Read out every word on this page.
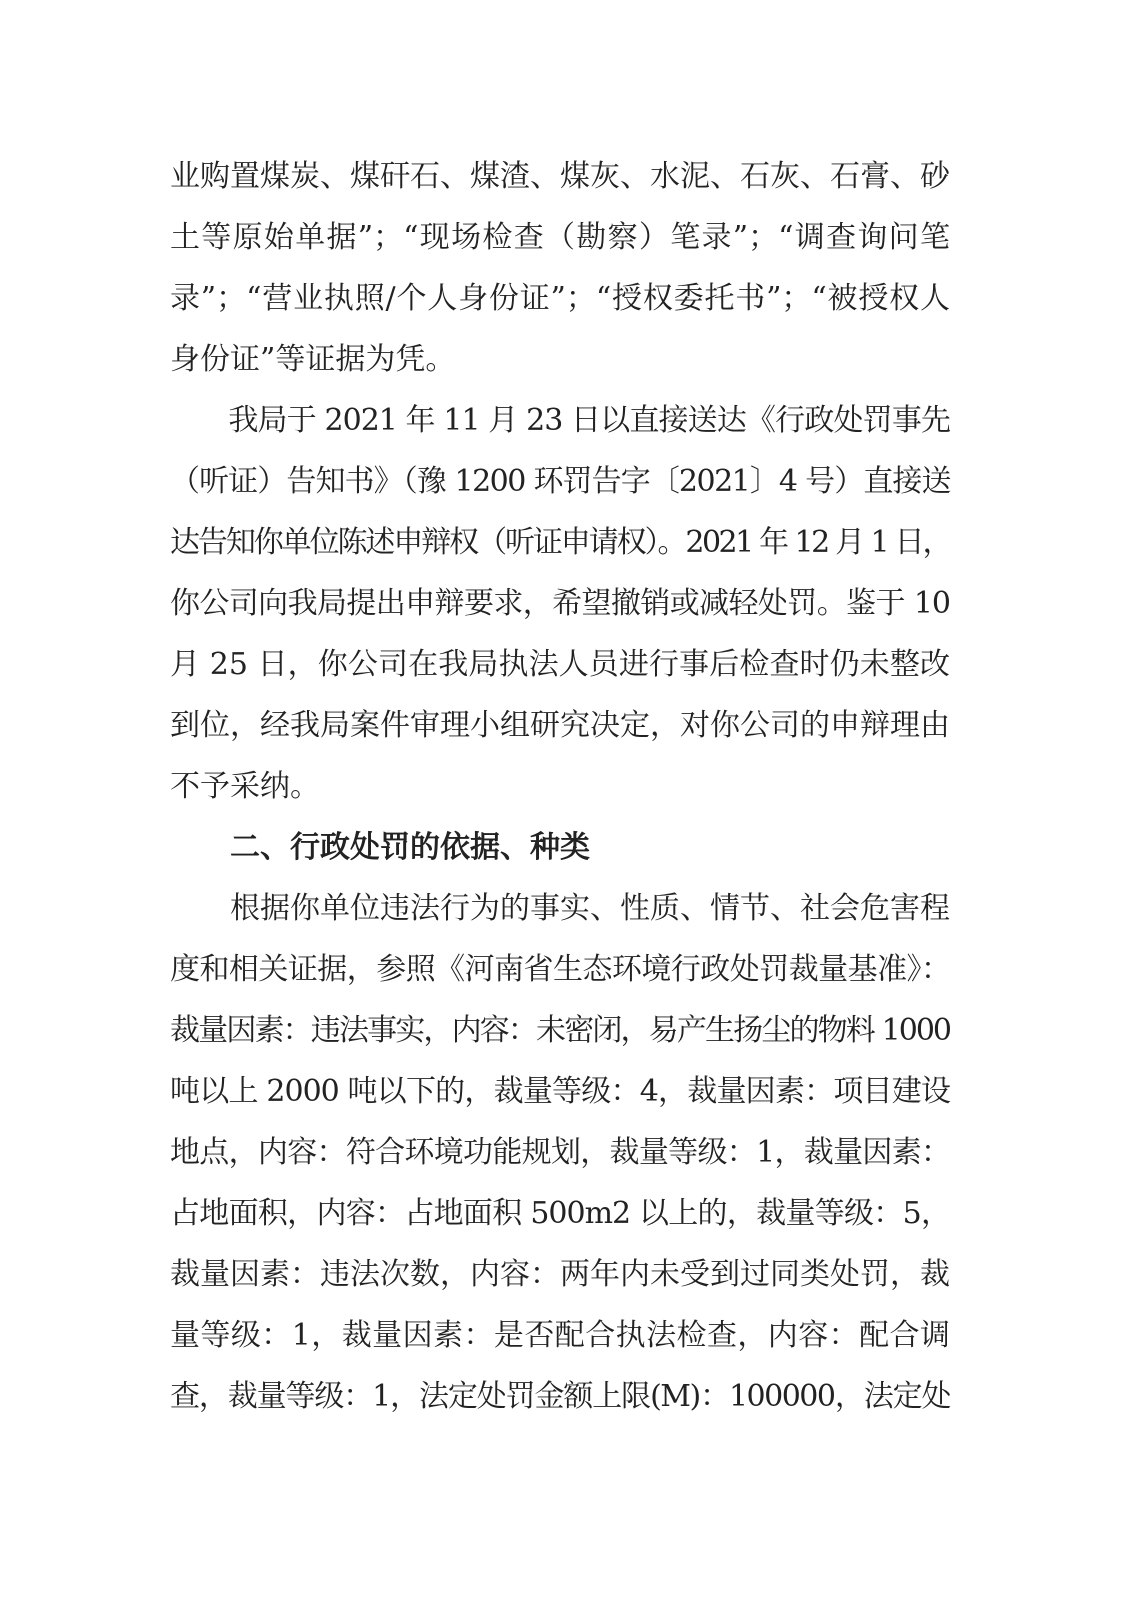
业购置煤炭、煤矸石、煤渣、煤灰、水泥、石灰、石膏、砂
土等原始单据”；“现场检查（勘察）笔录”；“调查询问笔
录”；“营业执照/个人身份证”；“授权委托书”；“被授权人
身份证”等证据为凭。
　　我局于 2021 年 11 月 23 日以直接送达《行政处罚事先
（听证）告知书》（豫 1200 环罚告字〔2021〕4 号）直接送
达告知你单位陈述申辩权（听证申请权）。2021 年 12 月 1 日，
你公司向我局提出申辩要求，希望撤销或减轻处罚。鉴于 10
月 25 日，你公司在我局执法人员进行事后检查时仍未整改
到位，经我局案件审理小组研究决定，对你公司的申辩理由
不予采纳。
　　二、行政处罚的依据、种类
　　根据你单位违法行为的事实、性质、情节、社会危害程
度和相关证据，参照《河南省生态环境行政处罚裁量基准》：
裁量因素：违法事实，内容：未密闭，易产生扬尘的物料 1000
吨以上 2000 吨以下的，裁量等级：4，裁量因素：项目建设
地点，内容：符合环境功能规划，裁量等级：1，裁量因素：
占地面积，内容：占地面积 500m2 以上的，裁量等级：5，
裁量因素：违法次数，内容：两年内未受到过同类处罚，裁
量等级：1，裁量因素：是否配合执法检查，内容：配合调
查，裁量等级：1，法定处罚金额上限(M)：100000，法定处
